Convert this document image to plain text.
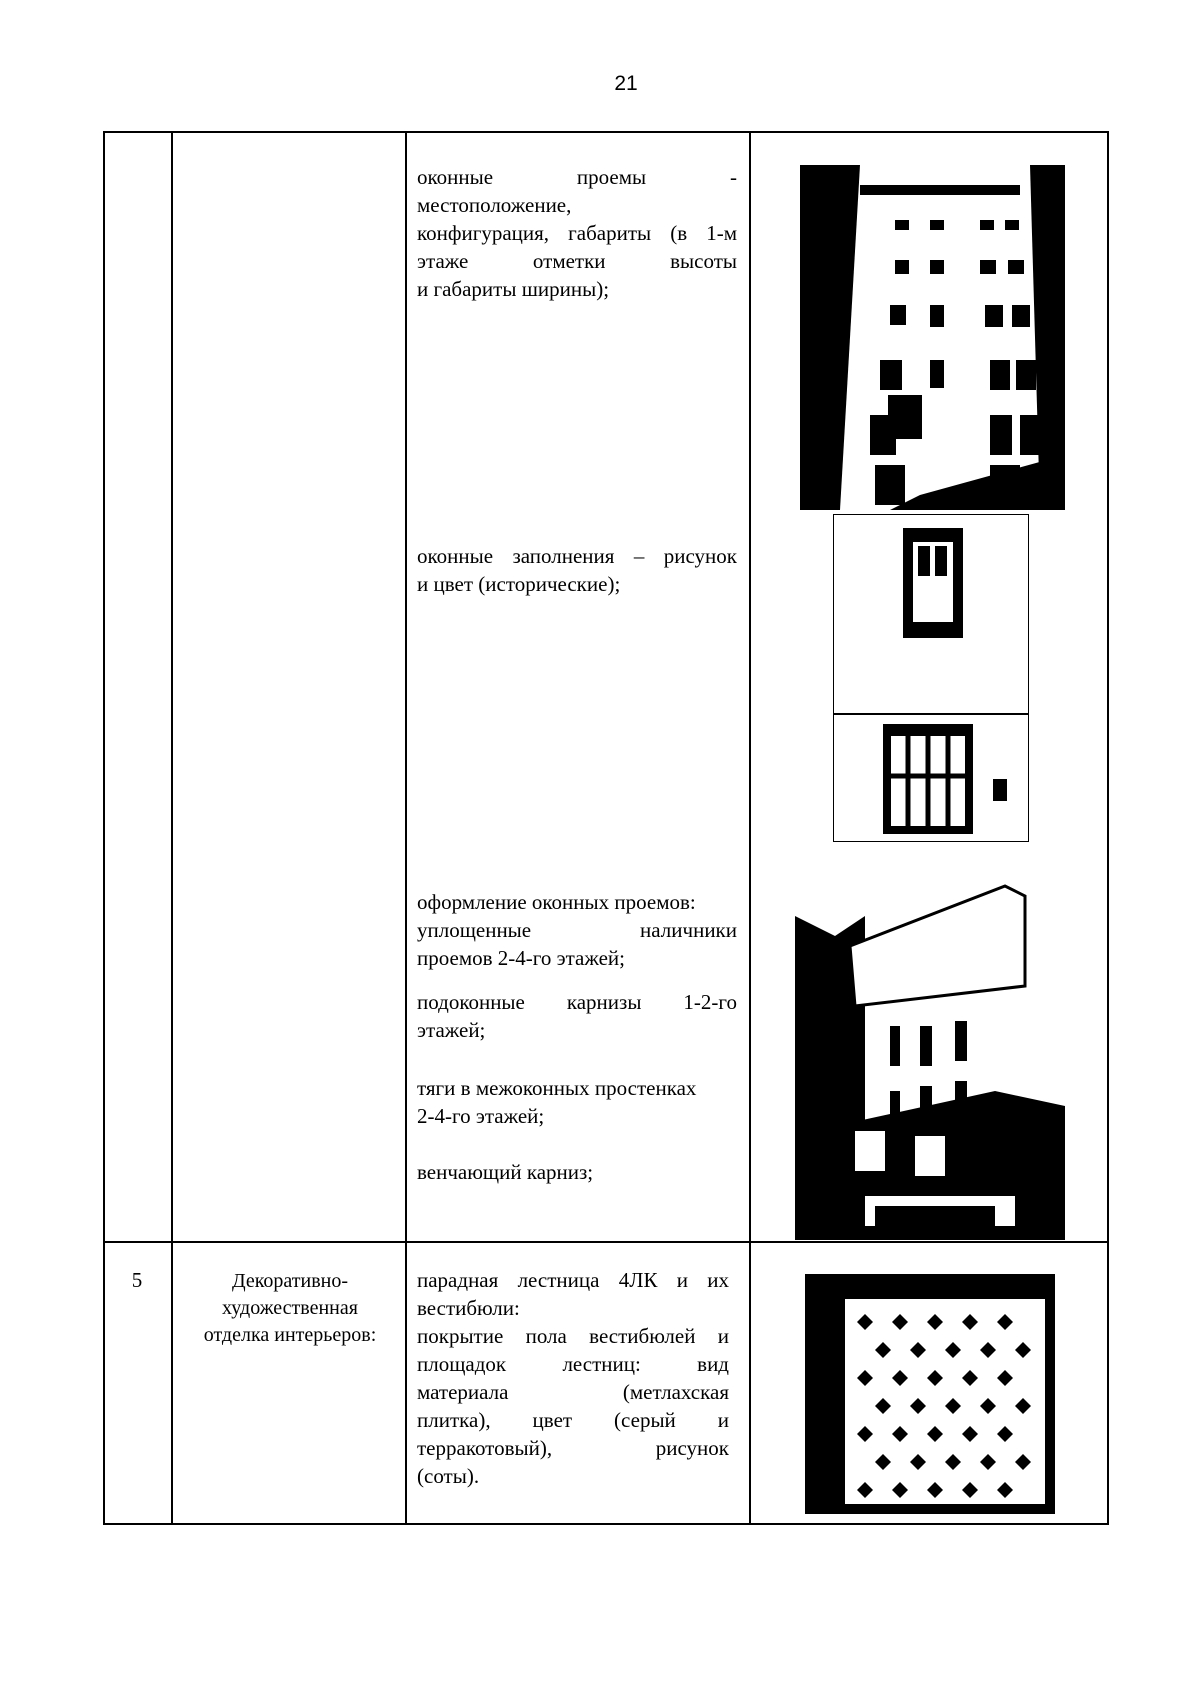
21
оконные проемы -
местоположение,
конфигурация, габариты (в 1-м
этаже отметки высоты
и габариты ширины);
оконные заполнения – рисунок
и цвет (исторические);
оформление оконных проемов:
уплощенные наличники
проемов 2-4-го этажей;
подоконные карнизы 1-2-го
этажей;
тяги в межоконных простенках
2-4-го этажей;
венчающий карниз;
5	Декоративно-
художественная
отделка интерьеров:
парадная лестница 4ЛК и их
вестибюли:
покрытие пола вестибюлей и
площадок лестниц: вид
материала (метлахская
плитка), цвет (серый и
терракотовый), рисунок
(соты).
